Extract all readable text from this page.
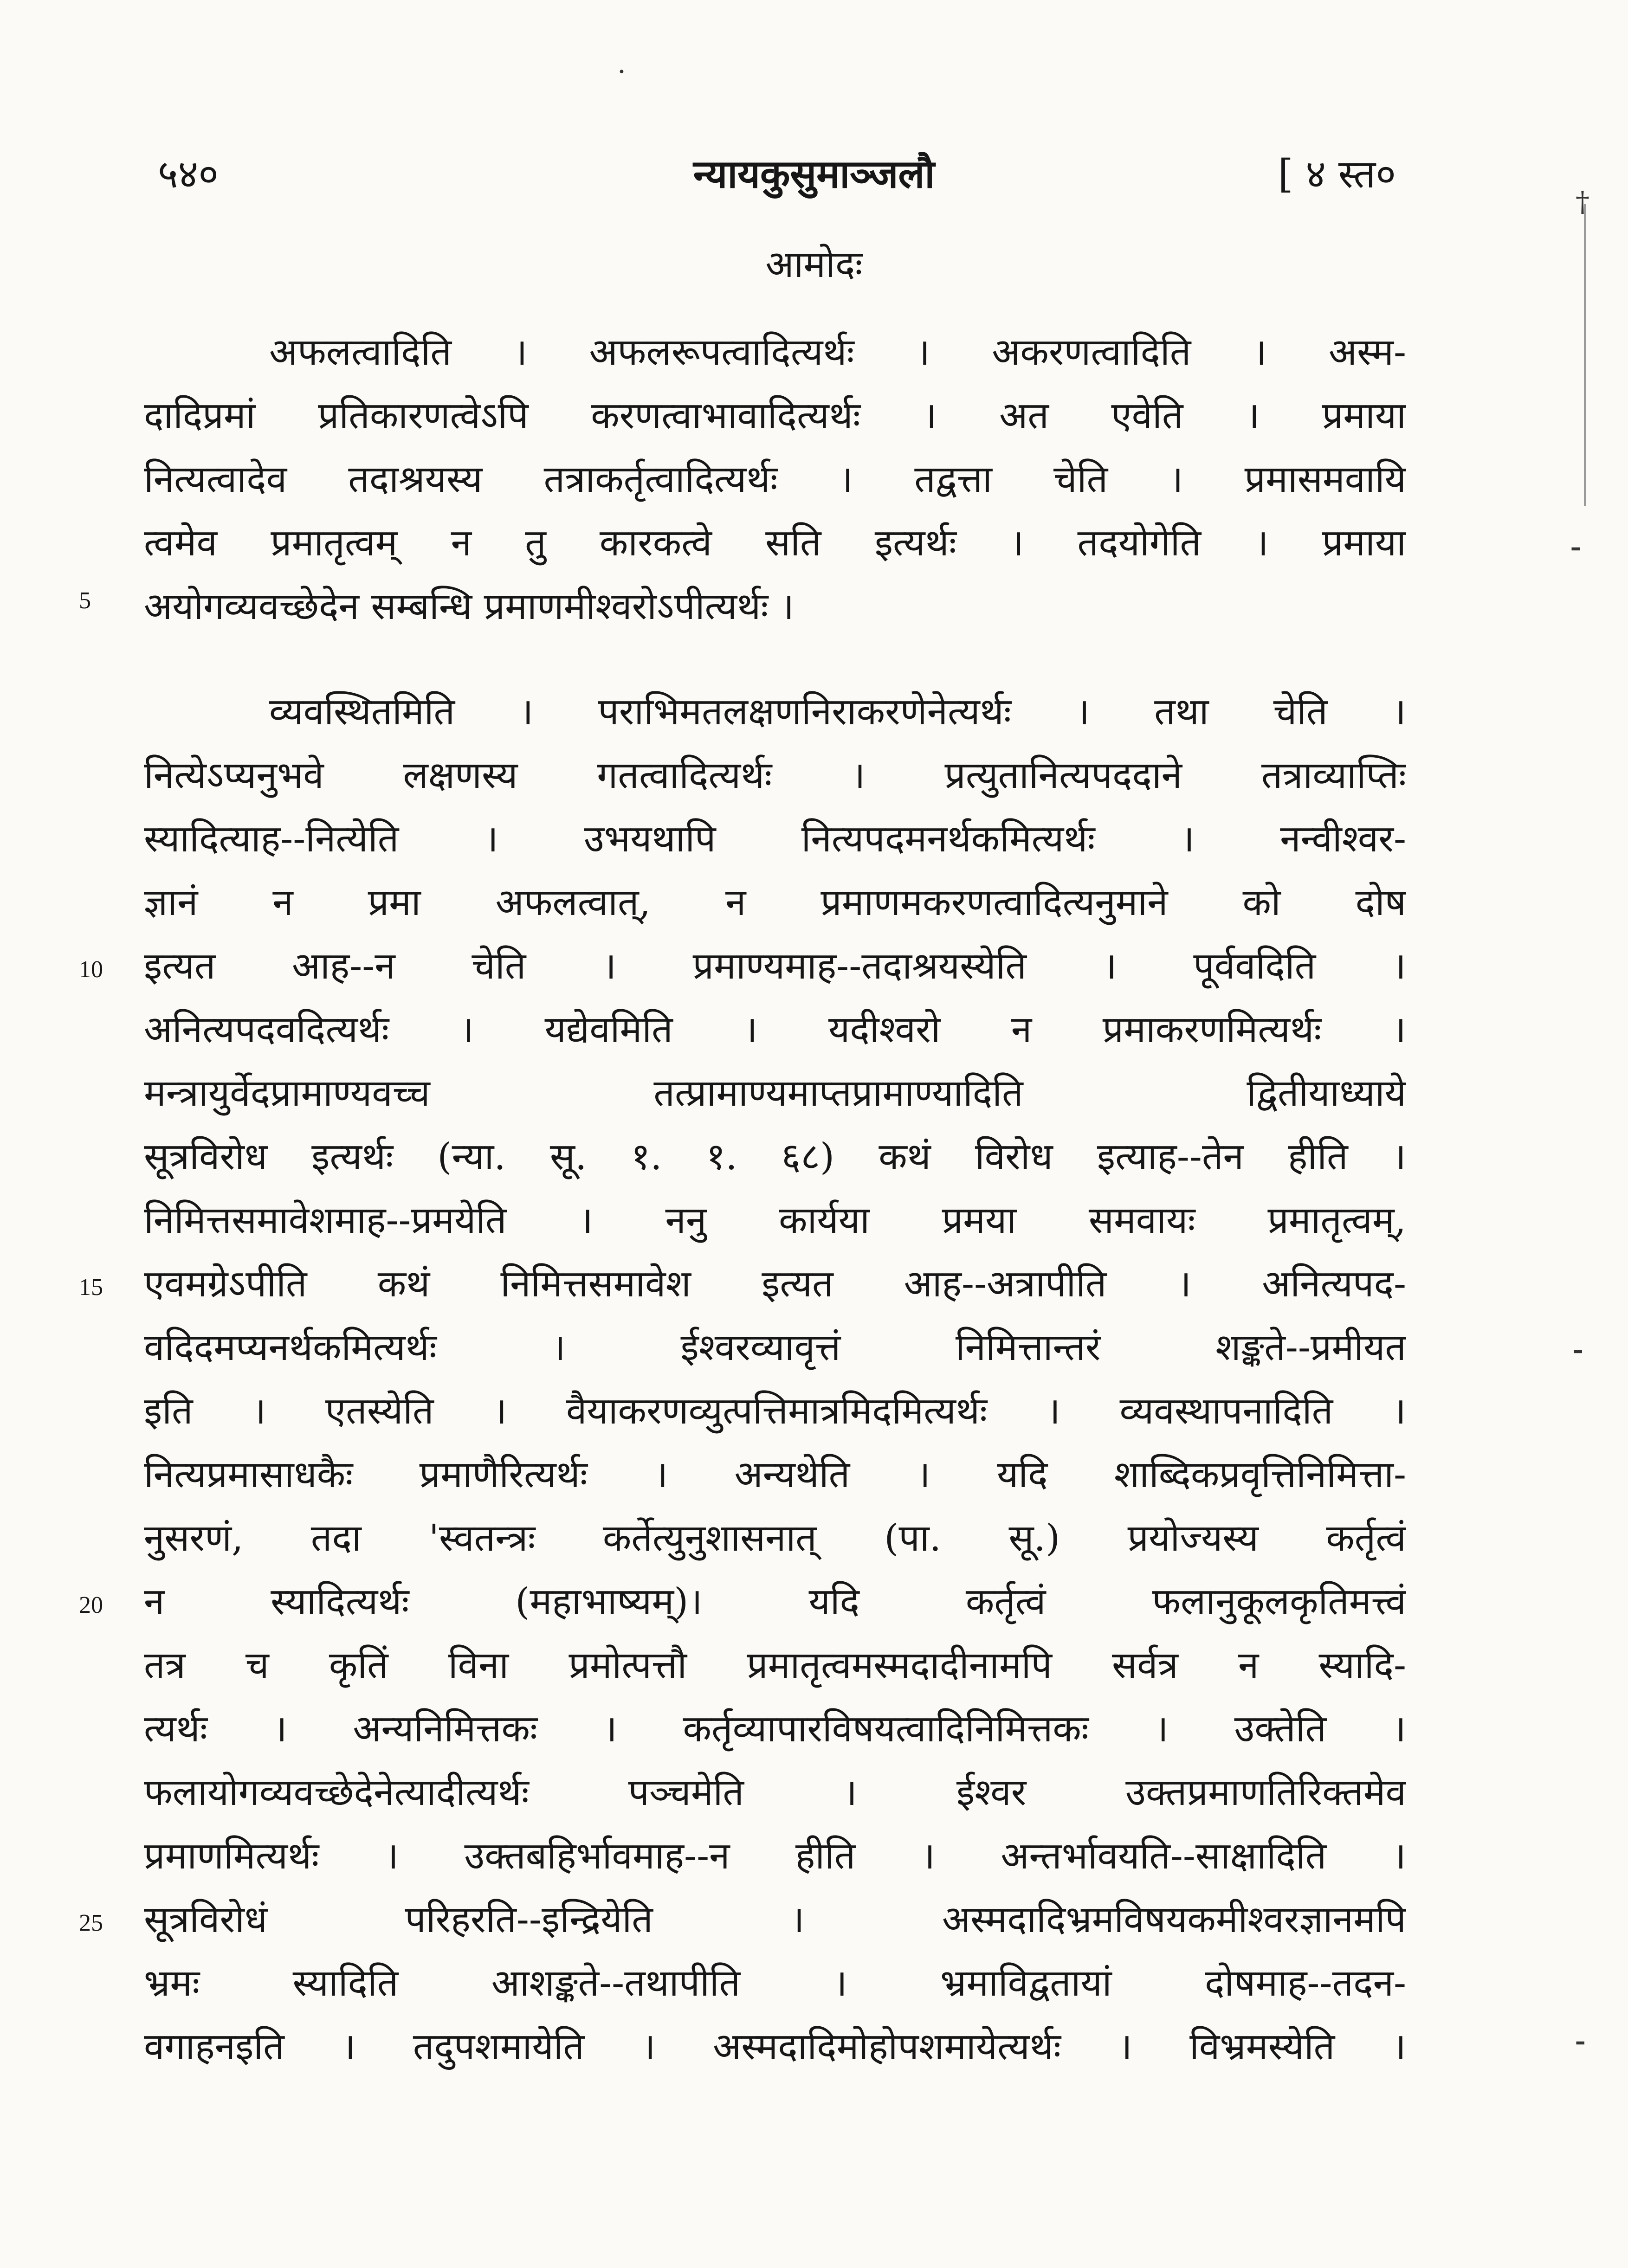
५४०	न्यायकुसुमाञ्जलौ	[ ४ स्त०
आमोदः

अफलत्वादिति । अफलरूपत्वादित्यर्थः । अकरणत्वादिति । अस्म-

दादिप्रमां प्रतिकारणत्वेऽपि करणत्वाभावादित्यर्थः । अत एवेति । प्रमाया

नित्यत्वादेव तदाश्रयस्य तत्राकर्तृत्वादित्यर्थः । तद्वत्ता चेति । प्रमासमवायि

त्वमेव प्रमातृत्वम् न तु कारकत्वे सति इत्यर्थः । तदयोगेति । प्रमाया

अयोगव्यवच्छेदेन सम्बन्धि प्रमाणमीश्वरोऽपीत्यर्थः ।

व्यवस्थितमिति । पराभिमतलक्षणनिराकरणेनेत्यर्थः । तथा चेति ।

नित्येऽप्यनुभवे लक्षणस्य गतत्वादित्यर्थः । प्रत्युतानित्यपददाने तत्राव्याप्तिः

स्यादित्याह--नित्येति । उभयथापि नित्यपदमनर्थकमित्यर्थः । नन्वीश्वर-

ज्ञानं न प्रमा अफलत्वात्, न प्रमाणमकरणत्वादित्यनुमाने को दोष

इत्यत आह--न चेति । प्रमाण्यमाह--तदाश्रयस्येति । पूर्ववदिति ।

अनित्यपदवदित्यर्थः । यद्येवमिति । यदीश्वरो न प्रमाकरणमित्यर्थः ।

मन्त्रायुर्वेदप्रामाण्यवच्च तत्प्रामाण्यमाप्तप्रामाण्यादिति द्वितीयाध्याये

सूत्रविरोध इत्यर्थः (न्या. सू. १. १. ६८) कथं विरोध इत्याह--तेन हीति ।

निमित्तसमावेशमाह--प्रमयेति । ननु कार्यया प्रमया समवायः प्रमातृत्वम्,

एवमग्रेऽपीति कथं निमित्तसमावेश इत्यत आह--अत्रापीति । अनित्यपद-

वदिदमप्यनर्थकमित्यर्थः । ईश्वरव्यावृत्तं निमित्तान्तरं शङ्कते--प्रमीयत

इति । एतस्येति । वैयाकरणव्युत्पत्तिमात्रमिदमित्यर्थः । व्यवस्थापनादिति ।

नित्यप्रमासाधकैः प्रमाणैरित्यर्थः । अन्यथेति । यदि शाब्दिकप्रवृत्तिनिमित्ता-

नुसरणं, तदा 'स्वतन्त्रः कर्तेत्युनुशासनात् (पा. सू.) प्रयोज्यस्य कर्तृत्वं

न स्यादित्यर्थः (महाभाष्यम्)। यदि कर्तृत्वं फलानुकूलकृतिमत्त्वं

तत्र च कृतिं विना प्रमोत्पत्तौ प्रमातृत्वमस्मदादीनामपि सर्वत्र न स्यादि-

त्यर्थः । अन्यनिमित्तकः । कर्तृव्यापारविषयत्वादिनिमित्तकः । उक्तेति ।

फलायोगव्यवच्छेदेनेत्यादीत्यर्थः पञ्चमेति । ईश्वर उक्तप्रमाणतिरिक्तमेव

प्रमाणमित्यर्थः । उक्तबहिर्भावमाह--न हीति । अन्तर्भावयति--साक्षादिति ।

सूत्रविरोधं परिहरति--इन्द्रियेति । अस्मदादिभ्रमविषयकमीश्वरज्ञानमपि

भ्रमः स्यादिति आशङ्कते--तथापीति । भ्रमाविद्वतायां दोषमाह--तदन-

वगाहनइति । तदुपशमायेति । अस्मदादिमोहोपशमायेत्यर्थः । विभ्रमस्येति ।

5
10
15
20
25
†
⁃
⁃
⁃
·
